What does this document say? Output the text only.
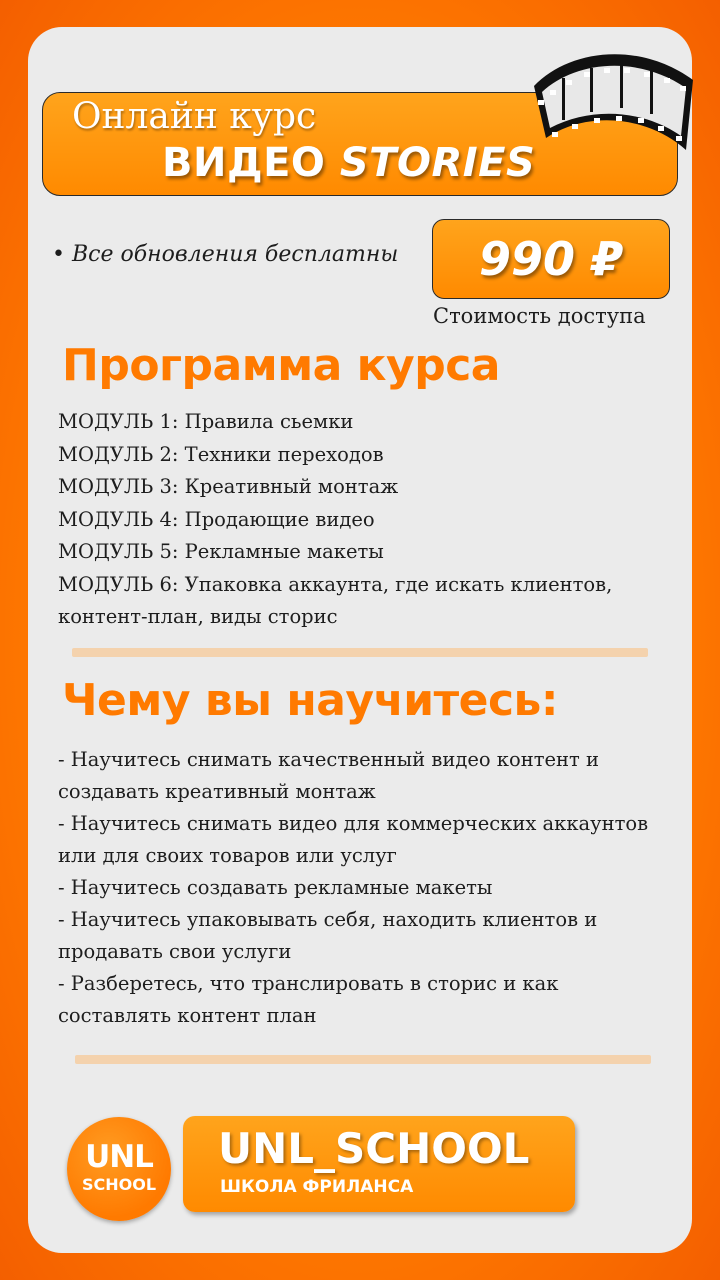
Онлайн курс
ВИДЕО STORIES
• Все обновления бесплатны 990 ₽
Стоимость доступа
Программа курса
МОДУЛЬ 1: Правила сьемки
МОДУЛЬ 2: Техники переходов
МОДУЛЬ 3: Креативный монтаж
МОДУЛЬ 4: Продающие видео
МОДУЛЬ 5: Рекламные макеты
МОДУЛЬ 6: Упаковка аккаунта, где искать клиентов,
контент-план, виды сторис
Чему вы научитесь:
- Научитесь снимать качественный видео контент и
создавать креативный монтаж
- Научитесь снимать видео для коммерческих аккаунтов
или для своих товаров или услуг
- Научитесь создавать рекламные макеты
- Научитесь упаковывать себя, находить клиентов и
продавать свои услуги
- Разберетесь, что транслировать в сторис и как
составлять контент план
UNL
SCHOOL
UNL_SCHOOL
ШКОЛА ФРИЛАНСА
